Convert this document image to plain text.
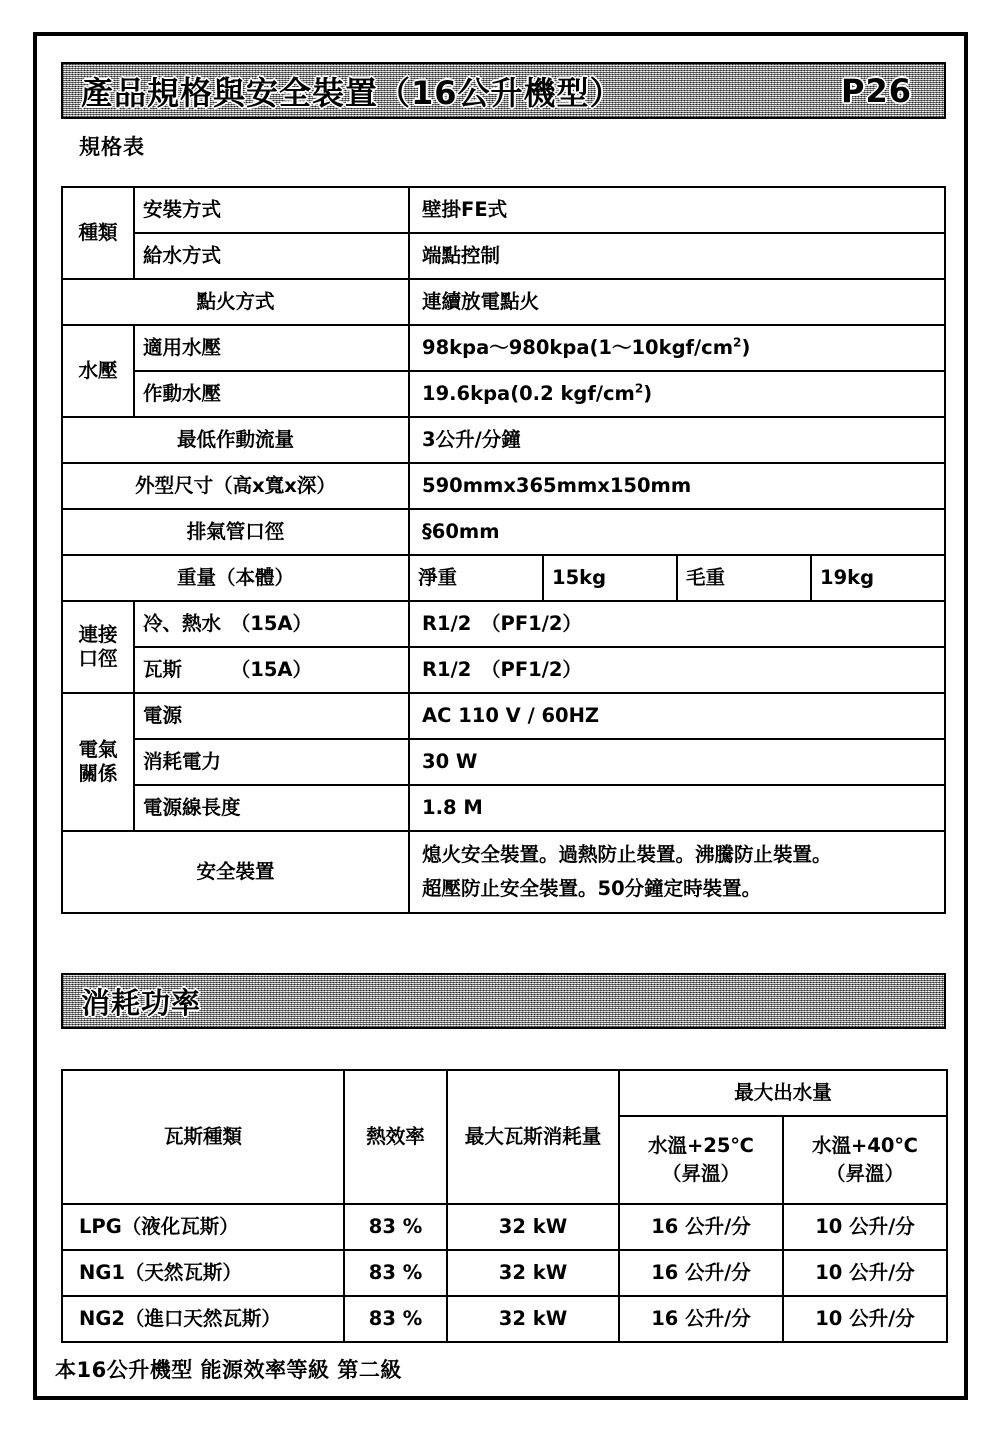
產品規格與安全裝置（16公升機型）	P26
規格表
種類	安裝方式	壁掛FE式			
	給水方式	端點控制			
點火方式		連續放電點火			

水壓	適用水壓	98kpa〜980kpa(1〜$10kgf/cm^2$)			
	作動水壓	19.6kpa(0.2 kgf/$cm^2$)			
最低作動流量		3公升/分鐘			
外型尺寸（高x寬x深）		590mmx365mmx150mm			
排氣管口徑		§60mm			
重量（本體）		淨重	15kg	毛重	19kg

連接
口徑	冷、熱水　（15A）	R1/2　（PF1/2）			
	瓦斯　　　（15A）	R1/2　（PF1/2）			

電氣
關係	電源	AC 110 V / 60HZ			
	消耗電力	30 W			
	電源線長度	1.8 M			
安全裝置		熄火安全裝置。過熱防止裝置。沸騰防止裝置。
超壓防止安全裝置。50分鐘定時裝置。			
消耗功率
瓦斯種類	熱效率	最大瓦斯消耗量	最大出水量	

水溫+25℃
（昇溫）

水溫+40℃
（昇溫）

LPG（液化瓦斯）	83 %	32 kW	16 公升/分	10 公升/分
NG1（天然瓦斯）	83 %	32 kW	16 公升/分	10 公升/分
NG2（進口天然瓦斯）	83 %	32 kW	16 公升/分	10 公升/分
本16公升機型 能源效率等級 第二級
